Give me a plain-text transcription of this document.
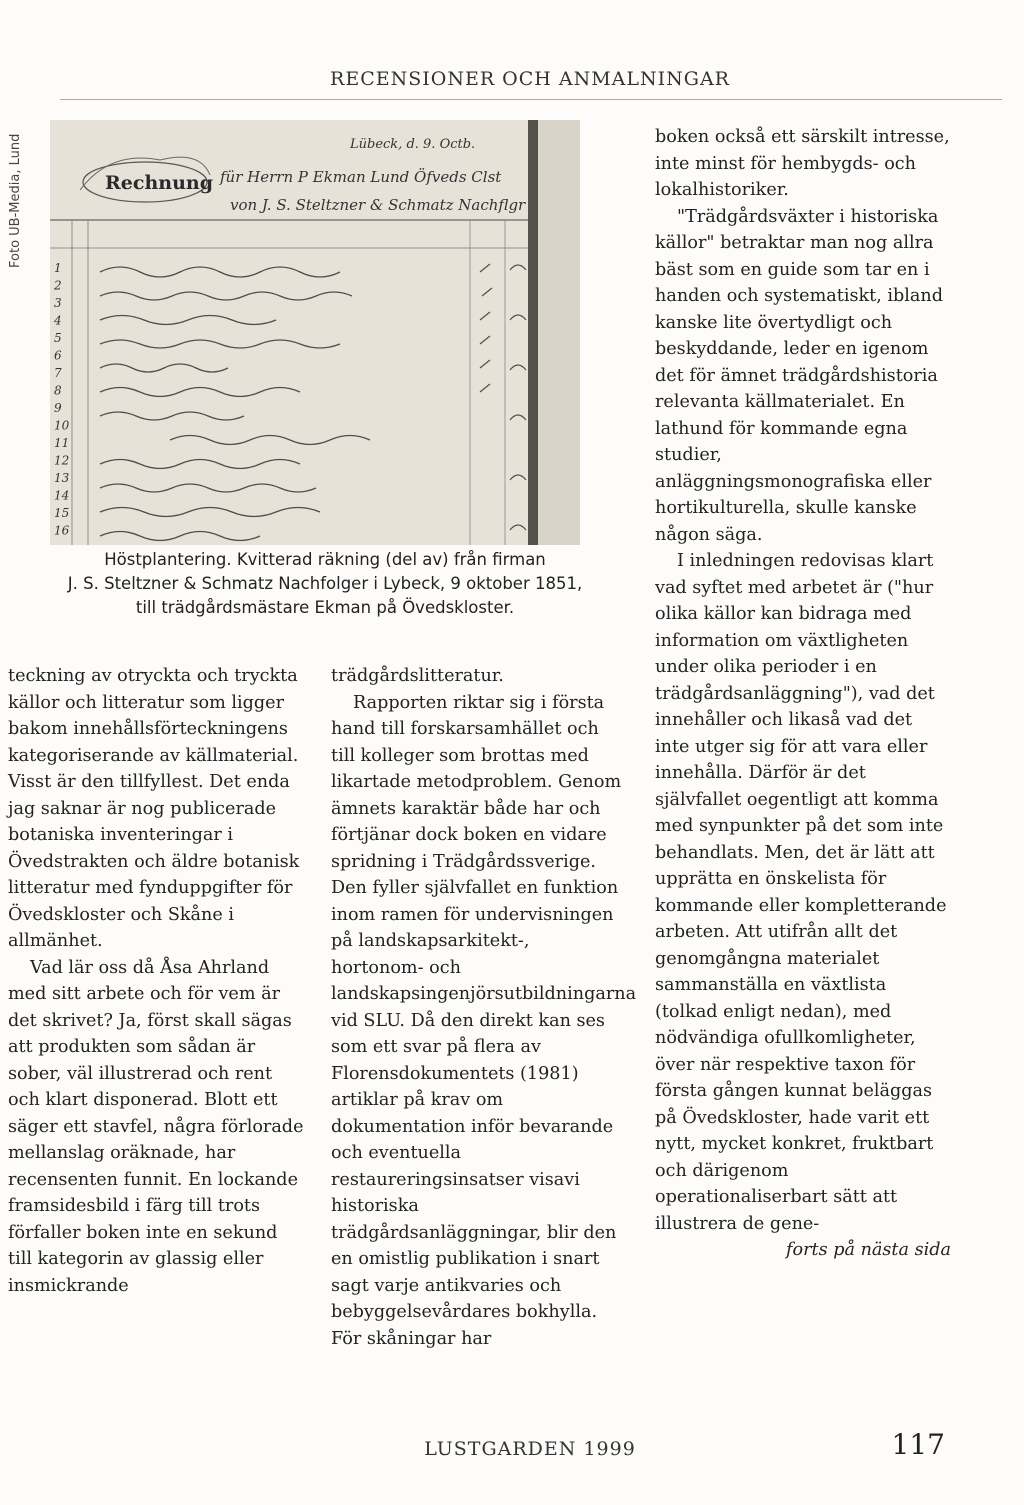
RECENSIONER OCH ANMALNINGAR
Foto UB-Media, Lund	Rechnung
Lübeck, d. 9. Octb.
für Herrn P Ekman Lund Öfveds Clst
von J. S. Steltzner & Schmatz Nachflgr
1
2
3
4
5
6
7
8
9
10
11
12
13
14
15
16
Höstplantering. Kvitterad räkning (del av) från firman
J. S. Steltzner & Schmatz Nachfolger i Lybeck, 9 oktober 1851,
till trädgårdsmästare Ekman på Övedskloster.

teckning av otryckta och tryckta källor och litteratur som ligger bakom innehållsförteckningens kategoriserande av källmaterial. Visst är den tillfyllest. Det enda jag saknar är nog publicerade botaniska inventeringar i Övedstrakten och äldre botanisk litteratur med fynduppgifter för Övedskloster och Skåne i allmänhet.

Vad lär oss då Åsa Ahrland med sitt arbete och för vem är det skrivet? Ja, först skall sägas att produkten som sådan är sober, väl illustrerad och rent och klart disponerad. Blott ett säger ett stavfel, några förlorade mellanslag oräknade, har recensenten funnit. En lockande framsidesbild i färg till trots förfaller boken inte en sekund till kategorin av glassig eller insmickrande

trädgårdslitteratur.

Rapporten riktar sig i första hand till forskarsamhället och till kolleger som brottas med likartade metodproblem. Genom ämnets karaktär både har och förtjänar dock boken en vidare spridning i Trädgårdssverige. Den fyller självfallet en funktion inom ramen för undervisningen på landskapsarkitekt-, hortonom- och landskapsingenjörsutbildningarna vid SLU. Då den direkt kan ses som ett svar på flera av Florensdokumentets (1981) artiklar på krav om dokumentation inför bevarande och eventuella restaureringsinsatser visavi historiska trädgårdsanläggningar, blir den en omistlig publikation i snart sagt varje antikvaries och bebyggelsevårdares bokhylla. För skåningar har

boken också ett särskilt intresse, inte minst för hembygds- och lokalhistoriker.

"Trädgårdsväxter i historiska källor" betraktar man nog allra bäst som en guide som tar en i handen och systematiskt, ibland kanske lite övertydligt och beskyddande, leder en igenom det för ämnet trädgårdshistoria relevanta källmaterialet. En lathund för kommande egna studier, anläggningsmonografiska eller hortikulturella, skulle kanske någon säga.

I inledningen redovisas klart vad syftet med arbetet är ("hur olika källor kan bidraga med information om växtligheten under olika perioder i en trädgårdsanläggning"), vad det innehåller och likaså vad det inte utger sig för att vara eller innehålla. Därför är det självfallet oegentligt att komma med synpunkter på det som inte behandlats. Men, det är lätt att upprätta en önskelista för kommande eller kompletterande arbeten. Att utifrån allt det genomgångna materialet sammanställa en växtlista (tolkad enligt nedan), med nödvändiga ofullkomligheter, över när respektive taxon för första gången kunnat beläggas på Övedskloster, hade varit ett nytt, mycket konkret, fruktbart och därigenom operationaliserbart sätt att illustrera de gene-

forts på nästa sida

LUSTGARDEN 1999	117
